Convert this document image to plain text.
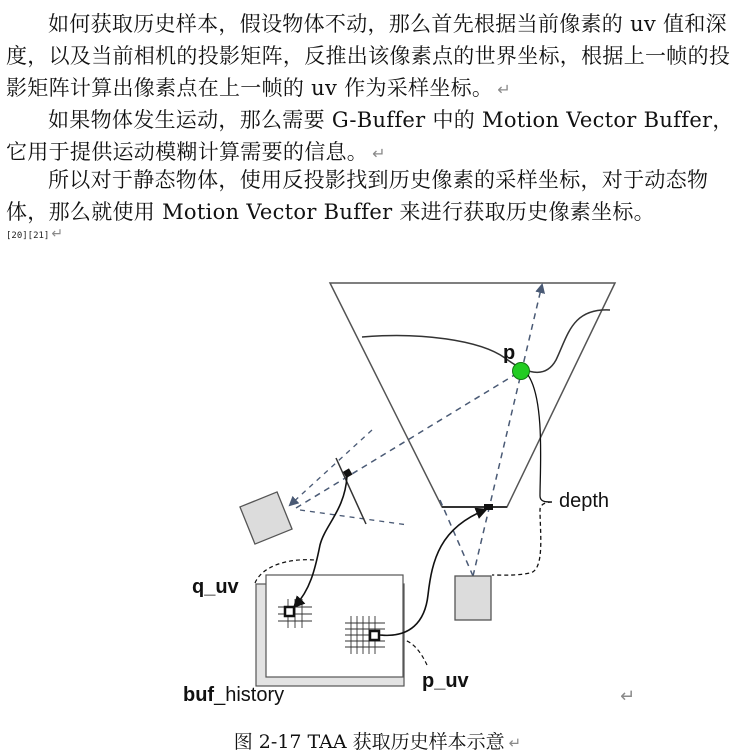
如何获取历史样本，假设物体不动，那么首先根据当前像素的 uv 值和深度，以及当前相机的投影矩阵，反推出该像素点的世界坐标，根据上一帧的投影矩阵计算出像素点在上一帧的 uv 作为采样坐标。 ↵

如果物体发生运动，那么需要 G-Buffer 中的 Motion Vector Buffer，它用于提供运动模糊计算需要的信息。 ↵

所以对于静态物体，使用反投影找到历史像素的采样坐标，对于动态物体，那么就使用 Motion Vector Buffer 来进行获取历史像素坐标。

[20][21] ↵
p
depth
q_uv
p_uv
buf_history	↵
图 2-17 TAA 获取历史样本示意 ↵
